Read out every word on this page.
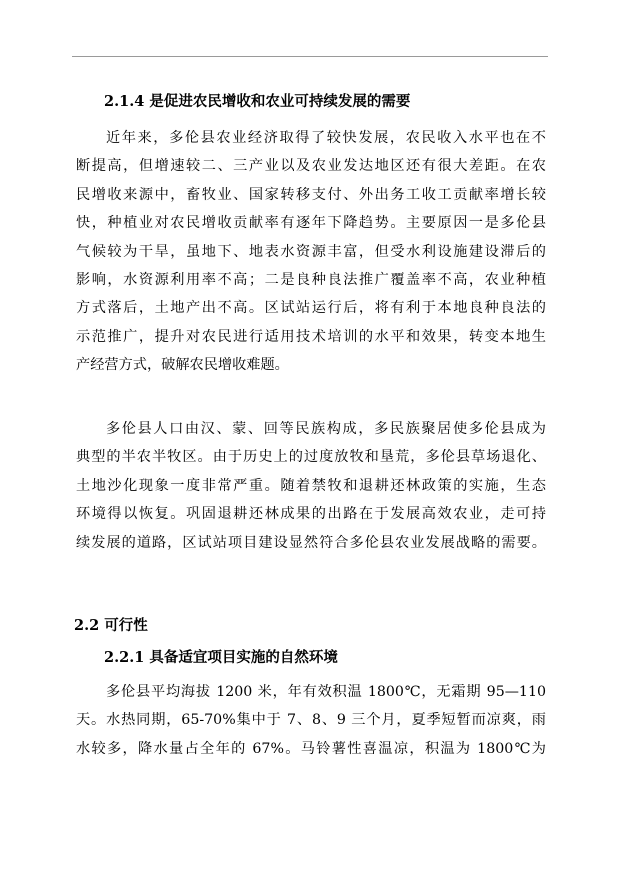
2.1.4 是促进农民增收和农业可持续发展的需要
近年来，多伦县农业经济取得了较快发展，农民收入水平也在不
断提高，但增速较二、三产业以及农业发达地区还有很大差距。在农
民增收来源中，畜牧业、国家转移支付、外出务工收工贡献率增长较
快，种植业对农民增收贡献率有逐年下降趋势。主要原因一是多伦县
气候较为干旱，虽地下、地表水资源丰富，但受水利设施建设滞后的
影响，水资源利用率不高；二是良种良法推广覆盖率不高，农业种植
方式落后，土地产出不高。区试站运行后，将有利于本地良种良法的
示范推广，提升对农民进行适用技术培训的水平和效果，转变本地生
产经营方式，破解农民增收难题。
多伦县人口由汉、蒙、回等民族构成，多民族聚居使多伦县成为
典型的半农半牧区。由于历史上的过度放牧和垦荒，多伦县草场退化、
土地沙化现象一度非常严重。随着禁牧和退耕还林政策的实施，生态
环境得以恢复。巩固退耕还林成果的出路在于发展高效农业，走可持
续发展的道路，区试站项目建设显然符合多伦县农业发展战略的需要。
2.2 可行性
2.2.1 具备适宜项目实施的自然环境
多伦县平均海拔 1200 米，年有效积温 1800℃，无霜期 95—110
天。水热同期，65-70%集中于 7、8、9 三个月，夏季短暂而凉爽，雨
水较多，降水量占全年的 67%。马铃薯性喜温凉，积温为 1800℃为
